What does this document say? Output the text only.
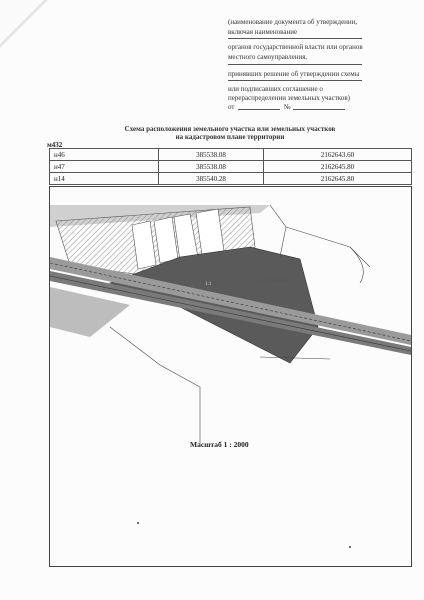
(наименование документа об утверждении,
включая наименование
органов государственной власти или органов
местного самоуправления,
принявших решение об утверждении схемы
или подписавших соглашение о
перераспределении земельных участков)
от	№
Схема расположения земельного участка или земельных участков
на кадастровом плане территории
м432
н46	385538.08	2162643.60
н47	385538.08	2162645.80
н14	385540.28	2162645.80
51:01:0150033
1:1
Масштаб 1 : 2000
